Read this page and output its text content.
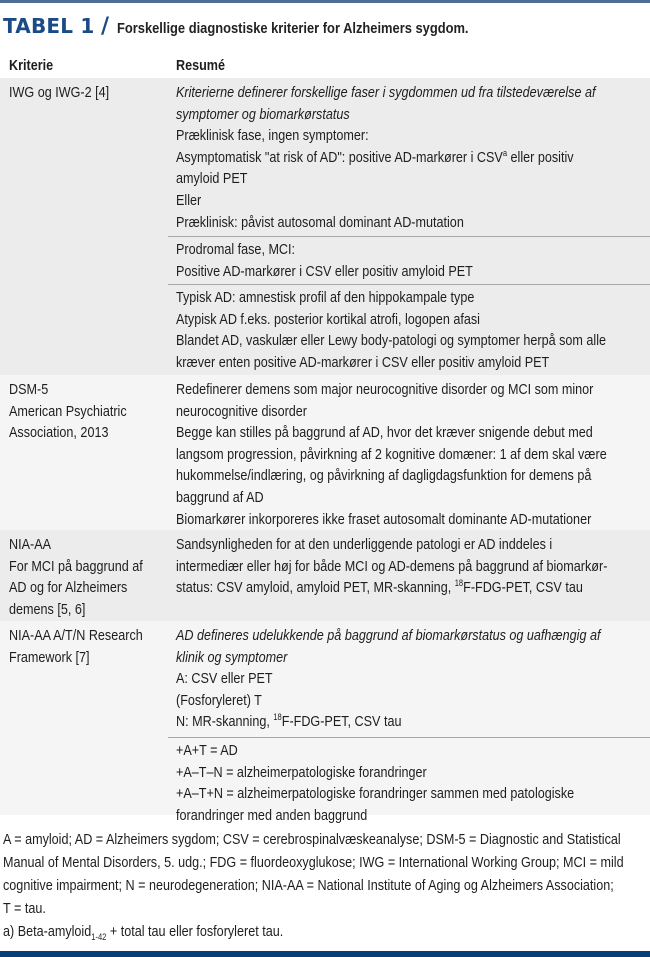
TABEL 1 / Forskellige diagnostiske kriterier for Alzheimers sygdom.
Kriterie	Resumé
IWG og IWG-2 [4]	Kriterierne definerer forskellige faser i sygdommen ud fra tilstedeværelse af
symptomer og biomarkørstatus
Præklinisk fase, ingen symptomer:
Asymptomatisk "at risk of AD": positive AD-markører i CSV$^a$ eller positiv
amyloid PET
Eller
Præklinisk: påvist autosomal dominant AD-mutation
Prodromal fase, MCI:
Positive AD-markører i CSV eller positiv amyloid PET
Typisk AD: amnestisk profil af den hippokampale type
Atypisk AD f.eks. posterior kortikal atrofi, logopen afasi
Blandet AD, vaskulær eller Lewy body-patologi og symptomer herpå som alle
kræver enten positive AD-markører i CSV eller positiv amyloid PET
DSM-5
American Psychiatric
Association, 2013
Redefinerer demens som major neurocognitive disorder og MCI som minor
neurocognitive disorder
Begge kan stilles på baggrund af AD, hvor det kræver snigende debut med
langsom progression, påvirkning af 2 kognitive domæner: 1 af dem skal være
hukommelse/indlæring, og påvirkning af dagligdagsfunktion for demens på
baggrund af AD
Biomarkører inkorporeres ikke fraset autosomalt dominante AD-mutationer
NIA-AA
For MCI på baggrund af
AD og for Alzheimers
demens [5, 6]
Sandsynligheden for at den underliggende patologi er AD inddeles i
intermediær eller høj for både MCI og AD-demens på baggrund af biomarkør-
status: CSV amyloid, amyloid PET, MR-skanning, $^{18}$F-FDG-PET, CSV tau
NIA-AA A/T/N Research
Framework [7]
AD defineres udelukkende på baggrund af biomarkørstatus og uafhængig af
klinik og symptomer
A: CSV eller PET
(Fosforyleret) T
N: MR-skanning, $^{18}$F-FDG-PET, CSV tau
+A+T = AD
+A–T–N = alzheimerpatologiske forandringer
+A–T+N = alzheimerpatologiske forandringer sammen med patologiske
forandringer med anden baggrund
A = amyloid; AD = Alzheimers sygdom; CSV = cerebrospinalvæskeanalyse; DSM-5 = Diagnostic and Statistical
Manual of Mental Disorders, 5. udg.; FDG = fluordeoxyglukose; IWG = International Working Group; MCI = mild
cognitive impairment; N = neurodegeneration; NIA-AA = National Institute of Aging og Alzheimers Association;
T = tau.
a) Beta-amyloid$_{1-42}$ + total tau eller fosforyleret tau.
